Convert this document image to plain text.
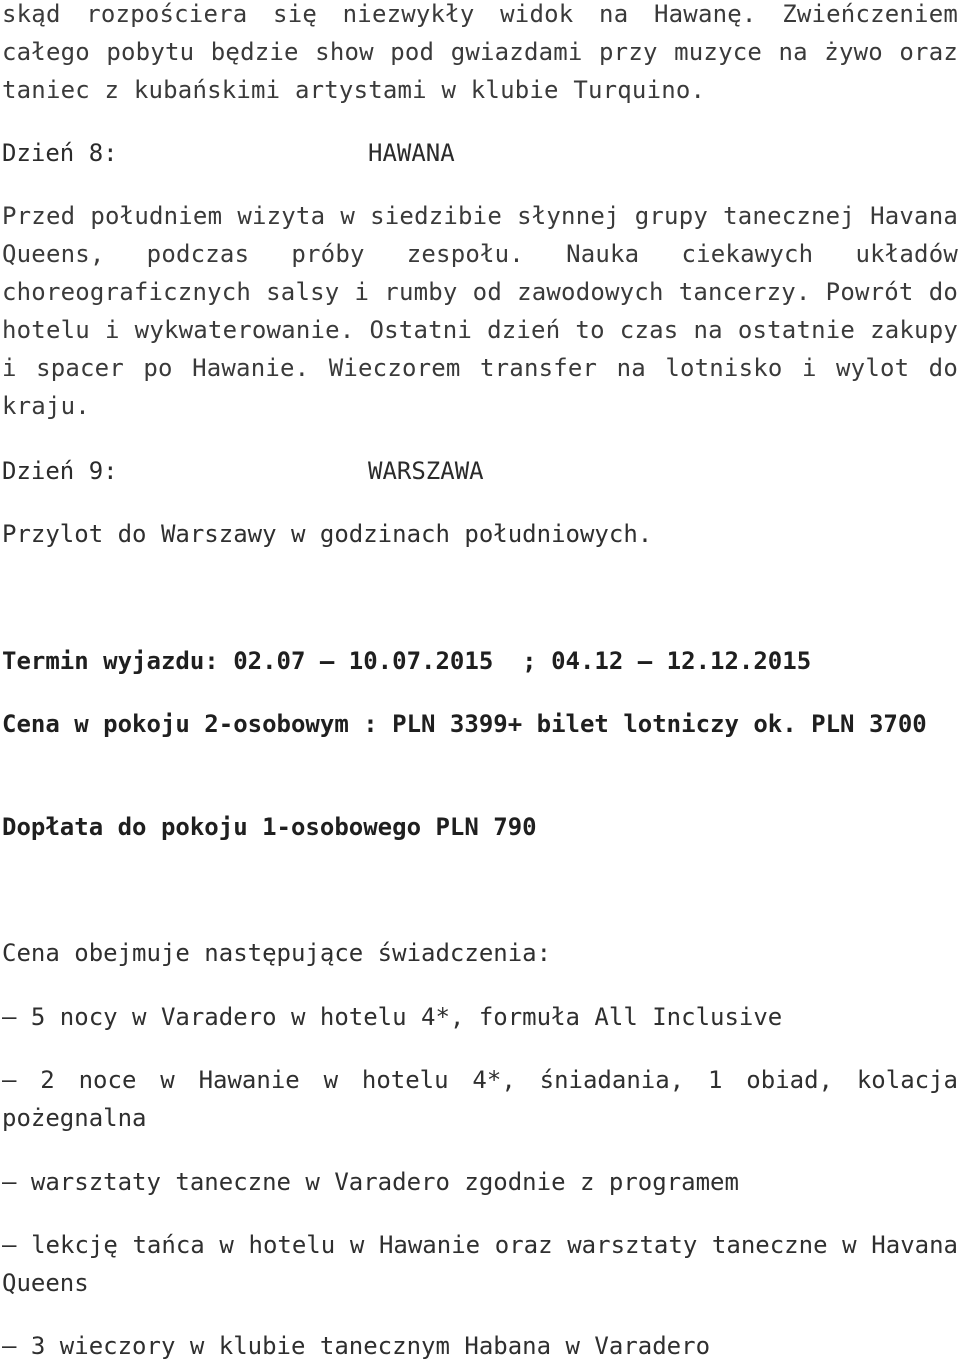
skąd rozpościera się niezwykły widok na Hawanę. Zwieńczeniem całego pobytu będzie show pod gwiazdami przy muzyce na żywo oraz taniec z kubańskimi artystami w klubie Turquino.

Dzień 8:	HAWANA

Przed południem wizyta w siedzibie słynnej grupy tanecznej Havana Queens, podczas próby zespołu. Nauka ciekawych układów choreograficznych salsy i rumby od zawodowych tancerzy. Powrót do hotelu i wykwaterowanie. Ostatni dzień to czas na ostatnie zakupy i spacer po Hawanie. Wieczorem transfer na lotnisko i wylot do kraju.

Dzień 9:	WARSZAWA

Przylot do Warszawy w godzinach południowych.

Termin wyjazdu: 02.07 – 10.07.2015  ; 04.12 – 12.12.2015

Cena w pokoju 2-osobowym : PLN 3399+ bilet lotniczy ok. PLN 3700

Dopłata do pokoju 1-osobowego PLN 790

Cena obejmuje następujące świadczenia:

– 5 nocy w Varadero w hotelu 4*, formuła All Inclusive

– 2 noce w Hawanie w hotelu 4*, śniadania, 1 obiad, kolacja pożegnalna

– warsztaty taneczne w Varadero zgodnie z programem

– lekcję tańca w hotelu w Hawanie oraz warsztaty taneczne w Havana Queens

– 3 wieczory w klubie tanecznym Habana w Varadero
